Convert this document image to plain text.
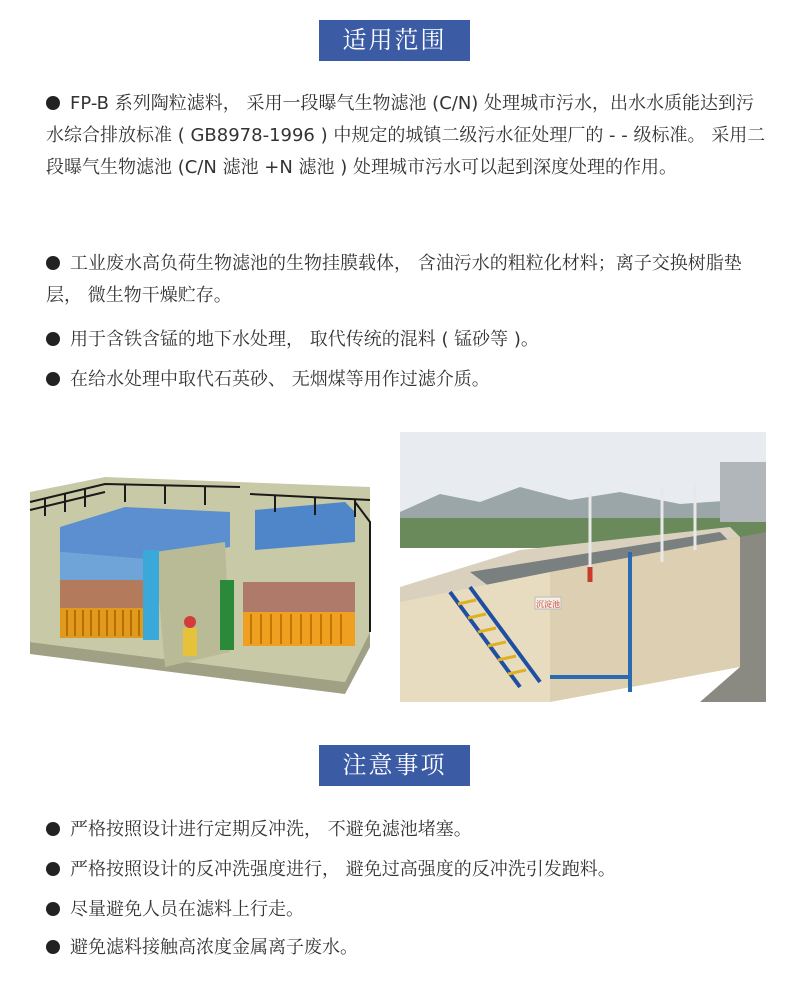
适用范围

FP-B 系列陶粒滤料， 采用一段曝气生物滤池 (C/N) 处理城市污水，出水水质能达到污水综合排放标准 ( GB8978-1996 ) 中规定的城镇二级污水征处理厂的 - - 级标准。 采用二段曝气生物滤池 (C/N 滤池 +N 滤池 ) 处理城市污水可以起到深度处理的作用。

工业废水高负荷生物滤池的生物挂膜载体， 含油污水的粗粒化材料；离子交换树脂垫层， 微生物干燥贮存。

用于含铁含锰的地下水处理， 取代传统的混料 ( 锰砂等 )。

在给水处理中取代石英砂、 无烟煤等用作过滤介质。

沉淀池
注意事项

严格按照设计进行定期反冲洗， 不避免滤池堵塞。

严格按照设计的反冲洗强度进行， 避免过高强度的反冲洗引发跑料。

尽量避免人员在滤料上行走。

避免滤料接触高浓度金属离子废水。
